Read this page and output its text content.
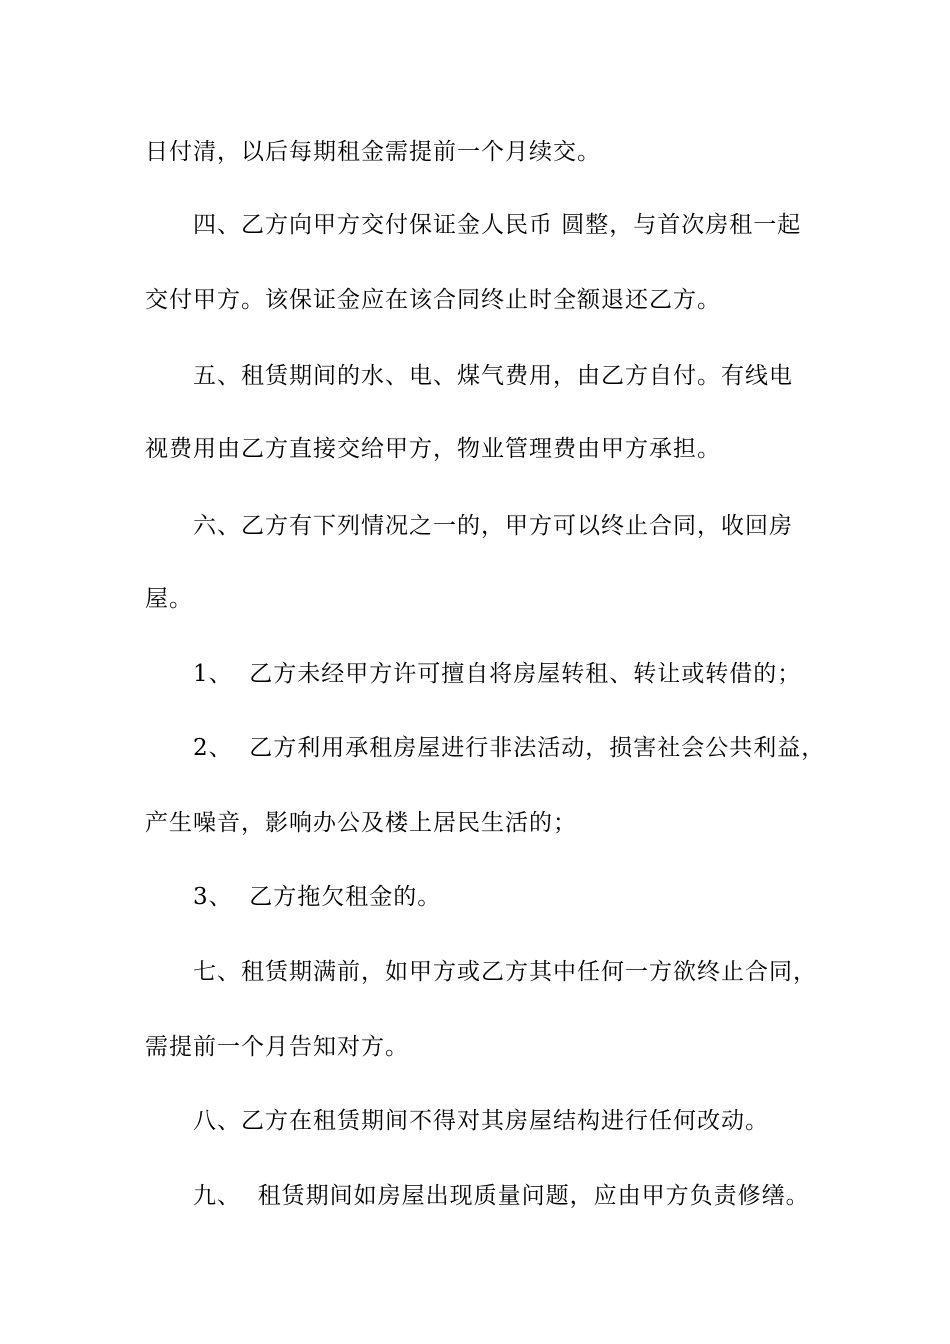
日付清，以后每期租金需提前一个月续交。
四、乙方向甲方交付保证金人民币 圆整，与首次房租一起
交付甲方。该保证金应在该合同终止时全额退还乙方。
五、租赁期间的水、电、煤气费用，由乙方自付。有线电
视费用由乙方直接交给甲方，物业管理费由甲方承担。
六、乙方有下列情况之一的，甲方可以终止合同，收回房
屋。
1、  乙方未经甲方许可擅自将房屋转租、转让或转借的；
2、  乙方利用承租房屋进行非法活动，损害社会公共利益，
产生噪音，影响办公及楼上居民生活的；
3、  乙方拖欠租金的。
七、租赁期满前，如甲方或乙方其中任何一方欲终止合同，
需提前一个月告知对方。
八、乙方在租赁期间不得对其房屋结构进行任何改动。
九、  租赁期间如房屋出现质量问题，应由甲方负责修缮。
